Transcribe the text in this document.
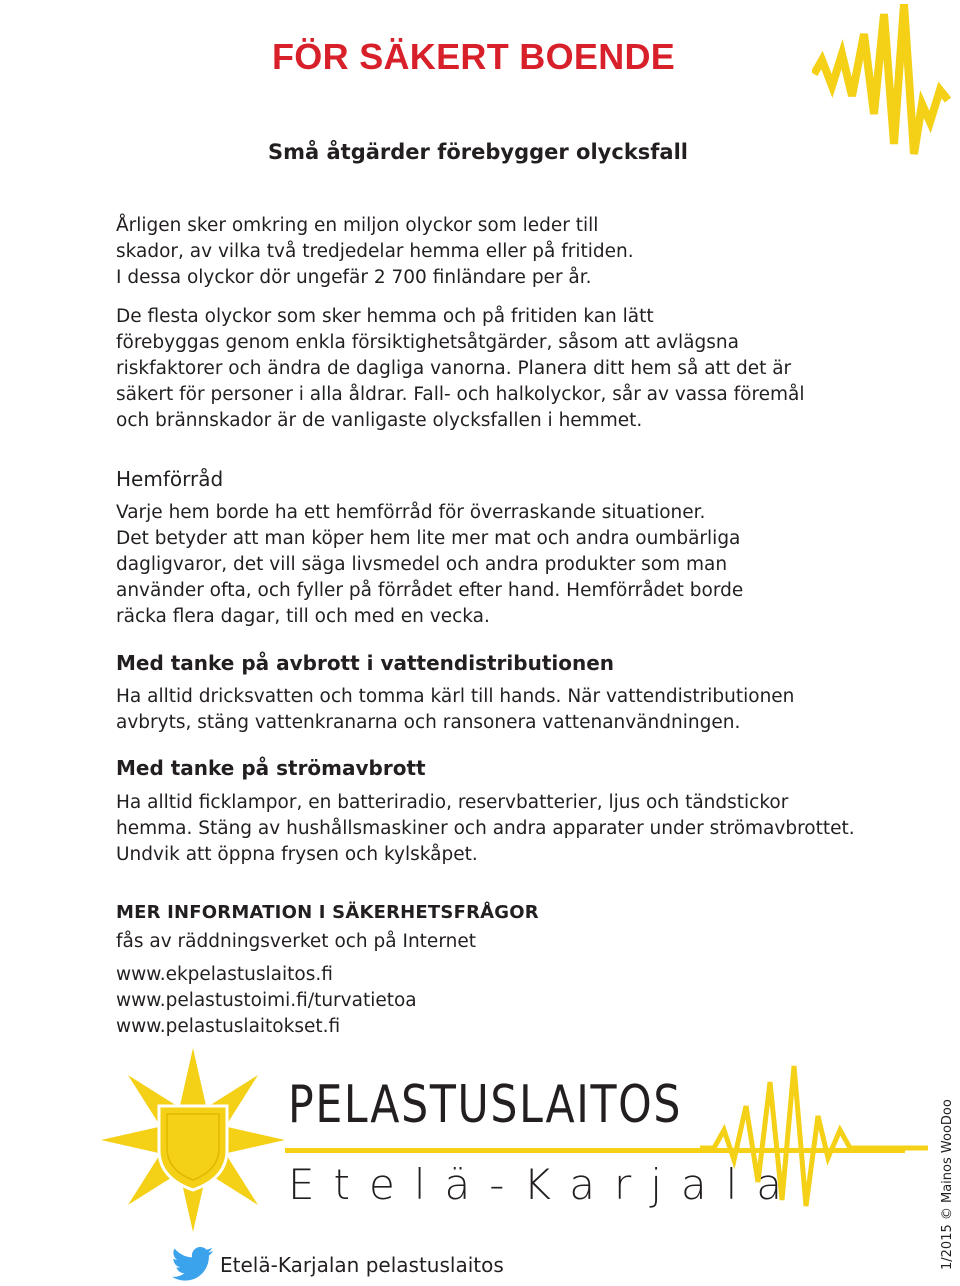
FÖR SÄKERT BOENDE
Små åtgärder förebygger olycksfall
Årligen sker omkring en miljon olyckor som leder till
skador, av vilka två tredjedelar hemma eller på fritiden.
I dessa olyckor dör ungefär 2 700 finländare per år.
De flesta olyckor som sker hemma och på fritiden kan lätt
förebyggas genom enkla försiktighetsåtgärder, såsom att avlägsna
riskfaktorer och ändra de dagliga vanorna. Planera ditt hem så att det är
säkert för personer i alla åldrar. Fall- och halkolyckor, sår av vassa föremål
och brännskador är de vanligaste olycksfallen i hemmet.
Hemförråd
Varje hem borde ha ett hemförråd för överraskande situationer.
Det betyder att man köper hem lite mer mat och andra oumbärliga
dagligvaror, det vill säga livsmedel och andra produkter som man
använder ofta, och fyller på förrådet efter hand. Hemförrådet borde
räcka flera dagar, till och med en vecka.
Med tanke på avbrott i vattendistributionen
Ha alltid dricksvatten och tomma kärl till hands. När vattendistributionen
avbryts, stäng vattenkranarna och ransonera vattenanvändningen.
Med tanke på strömavbrott
Ha alltid ficklampor, en batteriradio, reservbatterier, ljus och tändstickor
hemma. Stäng av hushållsmaskiner och andra apparater under strömavbrottet.
Undvik att öppna frysen och kylskåpet.
MER INFORMATION I SÄKERHETSFRÅGOR
fås av räddningsverket och på Internet
www.ekpelastuslaitos.fi
www.pelastustoimi.fi/turvatietoa
www.pelastuslaitokset.fi
PELASTUSLAITOS
Etelä-Karjala
Etelä-Karjalan pelastuslaitos	1/2015 © Mainos WooDoo
